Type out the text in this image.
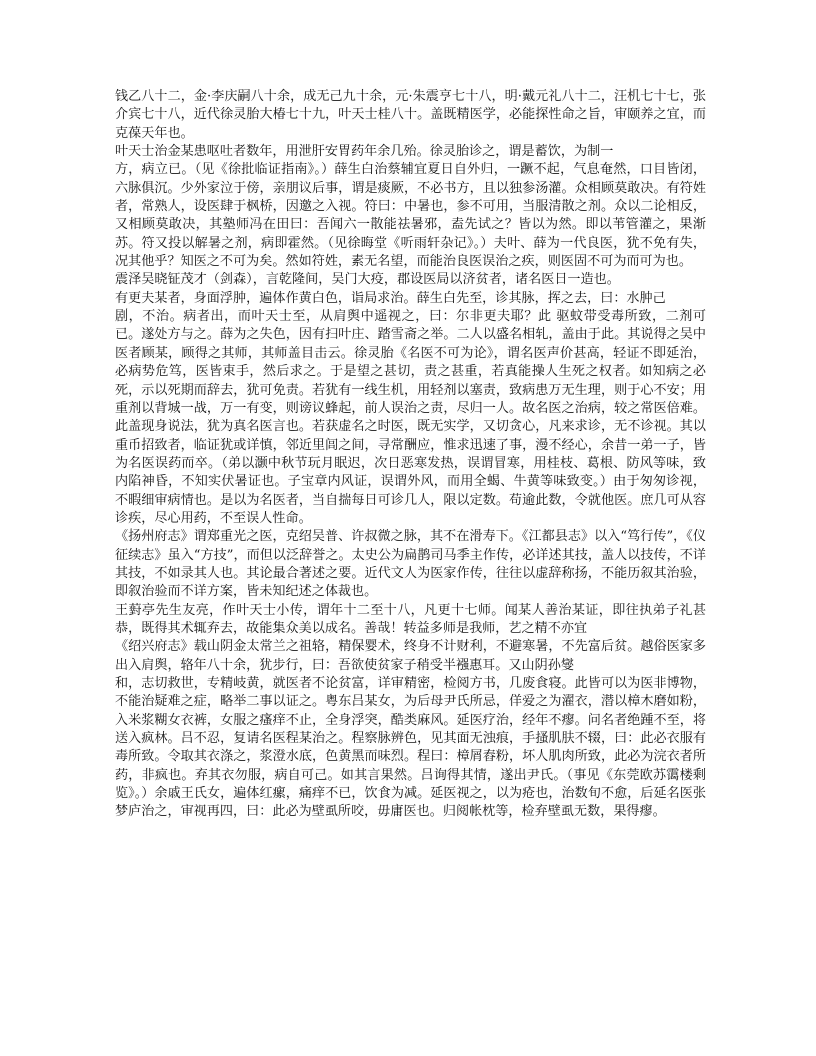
钱乙八十二，金·李庆嗣八十余，成无己九十余，元·朱震亨七十八，明·戴元礼八十二，汪机七十七，张介宾七十八，近代徐灵胎大椿七十九，叶天士桂八十。盖既精医学，必能探性命之旨，审颐养之宜，而克葆天年也。

叶天士治金某患呕吐者数年，用泄肝安胃药年余几殆。徐灵胎诊之，谓是蓄饮，为制一

方，病立已。（见《徐批临证指南》。）薛生白治蔡辅宜夏日自外归，一蹶不起，气息奄然，口目皆闭，六脉俱沉。少外家泣于傍，亲朋议后事，谓是痰厥，不必书方，且以独参汤灌。众相顾莫敢决。有符姓者，常熟人，设医肆于枫桥，因邀之入视。符曰：中暑也，参不可用，当服清散之剂。众以二论相反，又相顾莫敢决，其塾师冯在田曰：吾闻六一散能祛暑邪，盍先试之？皆以为然。即以苇管灌之，果渐苏。符又投以解暑之剂，病即霍然。（见徐晦堂《听雨轩杂记》。）夫叶、薛为一代良医，犹不免有失，况其他乎？知医之不可为矣。然如符姓，素无名望，而能治良医误治之疾，则医固不可为而可为也。

震泽吴晓钲茂才（剑森），言乾隆间，吴门大疫，郡设医局以济贫者，诸名医日一造也。

有更夫某者，身面浮肿，遍体作黄白色，诣局求治。薛生白先至，诊其脉，挥之去，曰：水肿己

剧，不治。病者出，而叶天士至，从肩舆中遥视之，曰：尔非更夫耶？此 驱蚊带受毒所致，二剂可已。遂处方与之。薛为之失色，因有扫叶庄、踏雪斋之举。二人以盛名相轧，盖由于此。其说得之吴中医者顾某，顾得之其师，其师盖目击云。徐灵胎《名医不可为论》，谓名医声价甚高，轻证不即延治，必病势危笃，医皆束手，然后求之。于是望之甚切，责之甚重，若真能操人生死之权者。如知病之必死，示以死期而辞去，犹可免责。若犹有一线生机，用轻剂以塞责，致病患万无生理，则于心不安；用重剂以背城一战，万一有变，则谤议蜂起，前人误治之责，尽归一人。故名医之治病，较之常医倍难。此盖现身说法，犹为真名医言也。若获虚名之时医，既无实学，又切贪心，凡来求诊，无不诊视。其以重币招致者，临证犹或详慎，邻近里闾之间，寻常酬应，惟求迅速了事，漫不经心，余昔一弟一子，皆为名医误药而卒。（弟以灏中秋节玩月眠迟，次日恶寒发热，误谓冒寒，用桂枝、葛根、防风等味，致内陷神昏，不知实伏暑证也。子宝章内风证，误谓外风，而用全蝎、牛黄等味致变。）由于匆匆诊视，不暇细审病情也。是以为名医者，当自揣每日可诊几人，限以定数。苟逾此数，令就他医。庶几可从容诊疾，尽心用药，不至误人性命。

《扬州府志》谓郑重光之医，克绍吴普、许叔微之脉，其不在滑寿下。《江都县志》以入“笃行传”，《仪征续志》虽入“方技”，而但以泛辞誉之。太史公为扁鹊司马季主作传，必详述其技，盖人以技传，不详其技，不如录其人也。其论最合著述之要。近代文人为医家作传，往往以虚辞称扬，不能历叙其治验，即叙治验而不详方案，皆未知纪述之体裁也。

王薱亭先生友亮，作叶天士小传，谓年十二至十八，凡更十七师。闻某人善治某证，即往执弟子礼甚恭，既得其术辄弃去，故能集众美以成名。善哉！转益多师是我师，艺之精不亦宜

《绍兴府志》载山阴金太常兰之祖辂，精保婴术，终身不计财利，不避寒暑，不先富后贫。越俗医家多出入肩舆，辂年八十余，犹步行，曰：吾欲使贫家子稍受半襁惠耳。又山阴孙燮

和，志切救世，专精岐黄，就医者不论贫富，详审精密，检阅方书，几废食寝。此皆可以为医非博物，不能治疑难之症，略举二事以证之。粤东吕某女，为后母尹氏所忌，佯爱之为濯衣，潜以樟木磨如粉，入米浆糊女衣裤，女服之瘙痒不止，全身浮突，酷类麻风。延医疗治，经年不瘳。问名者绝踵不至，将送入疯林。吕不忍，复请名医程某治之。程察脉辨色，见其面无浊痕，手搔肌肤不辍，曰：此必衣服有毒所致。令取其衣涤之，浆澄水底，色黄黑而味烈。程曰：樟屑舂粉，坏人肌肉所致，此必为浣衣者所药，非疯也。弃其衣勿服，病自可己。如其言果然。吕询得其情，遂出尹氏。（事见《东莞欧苏霭楼剩览》。）余戚王氏女，遍体红瘰，痛痒不已，饮食为减。延医视之，以为疮也，治数旬不愈，后延名医张梦庐治之，审视再四，曰：此必为壁虱所咬，毋庸医也。归阅帐枕等，检弃壁虱无数，果得瘳。
